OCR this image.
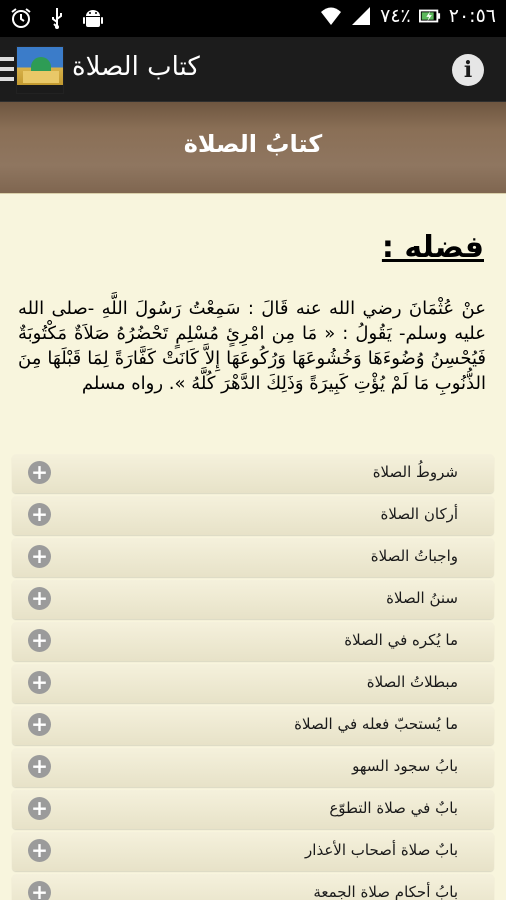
٧٤٪ ٢٠:٥٦
كتاب الصلاة	i
كتابُ الصلاة
فضله :
عنْ عُثْمَانَ رضي الله عنه قَالَ : سَمِعْتُ رَسُولَ اللَّهِ -صلى الله عليه وسلم- يَقُولُ : « مَا مِن امْرِئٍ مُسْلِمٍ تَحْضُرُهُ صَلاَةٌ مَكْتُوبَةٌ فَيُحْسِنُ وُضُوءَهَا وَخُشُوعَهَا وَرُكُوعَهَا إِلاَّ كَانَتْ كَفَّارَةً لِمَا قَبْلَهَا مِنَ الذُّنُوبِ مَا لَمْ يُؤْتِ كَبِيرَةً وَذَلِكَ الدَّهْرَ كُلَّهُ ». رواه مسلم
شروطُ الصلاة
+
أركان الصلاة
+
واجباتُ الصلاة
+
سننُ الصلاة
+
ما يُكره في الصلاة
+
مبطلاتُ الصلاة
+
ما يُستحبّ فعله في الصلاة
+
بابُ سجود السهو
+
بابٌ في صلاة التطوّع
+
بابٌ صلاة أصحاب الأعذار
+
بابُ أحكام صلاة الجمعة
+
